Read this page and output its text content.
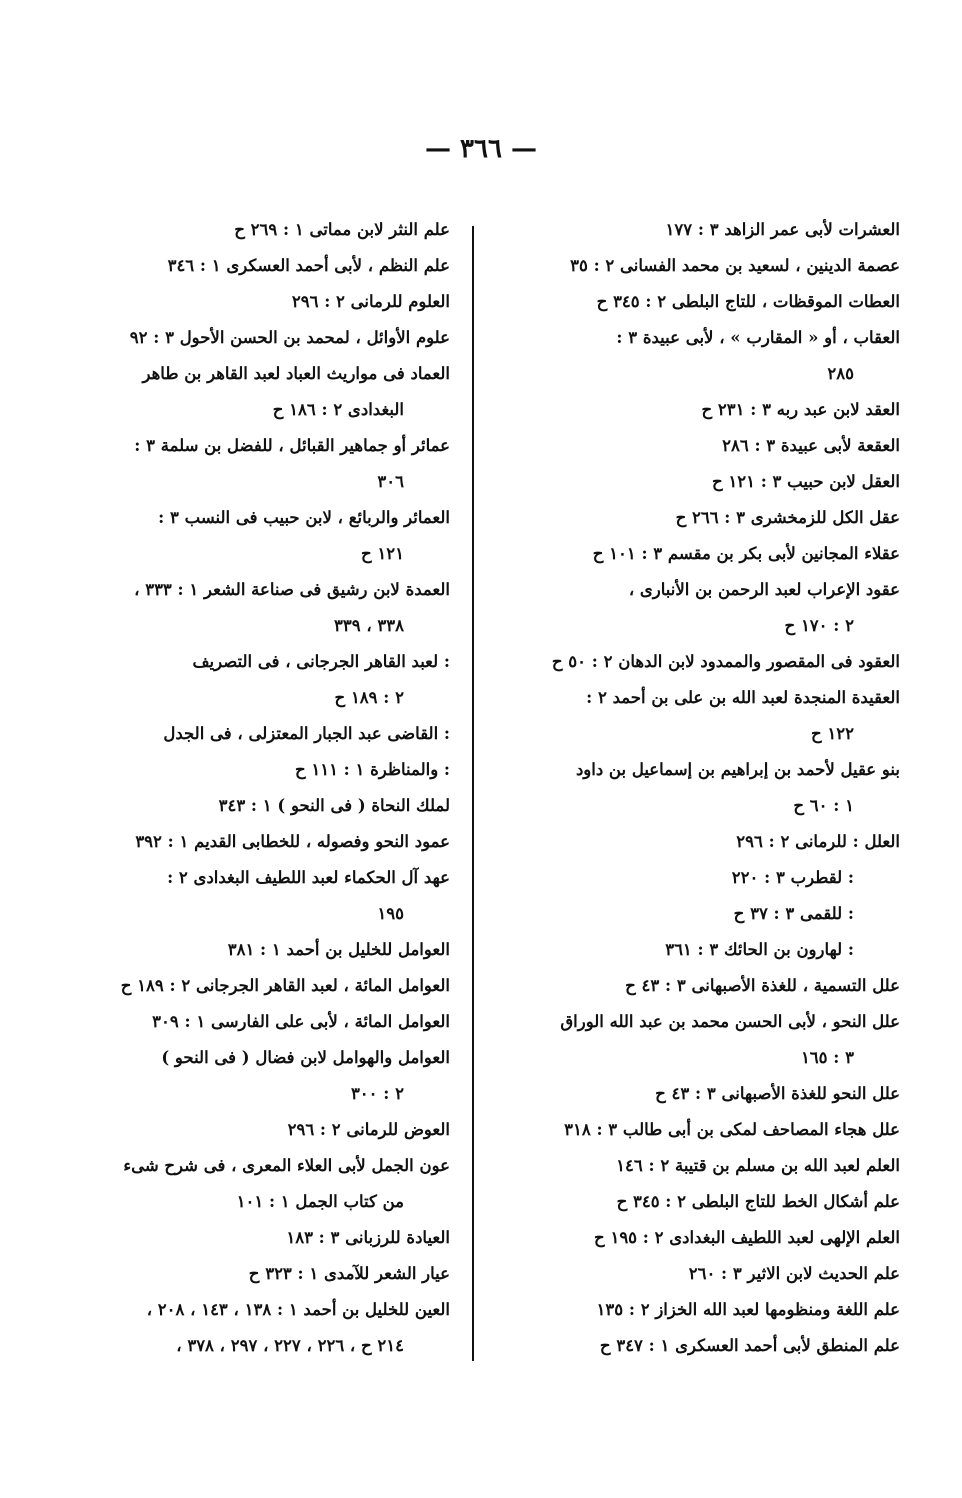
— ٣٦٦ —
العشرات لأبى عمر الزاهد ٣ : ١٧٧
عصمة الدينين ، لسعيد بن محمد الفسانى ٢ : ٣٥
العطات الموقظات ، للتاج البلطى ٢ : ٣٤٥ ح
العقاب ، أو « المقارب » ، لأبى عبيدة ٣ :
٢٨٥
العقد لابن عبد ربه ٣ : ٢٣١ ح
العقعة لأبى عبيدة ٣ : ٢٨٦
العقل لابن حبيب ٣ : ١٢١ ح
عقل الكل للزمخشرى ٣ : ٢٦٦ ح
عقلاء المجانين لأبى بكر بن مقسم ٣ : ١٠١ ح
عقود الإعراب لعبد الرحمن بن الأنبارى ،
٢ : ١٧٠ ح
العقود فى المقصور والممدود لابن الدهان ٢ : ٥٠ ح
العقيدة المنجدة لعبد الله بن على بن أحمد ٢ :
١٢٢ ح
بنو عقيل لأحمد بن إبراهيم بن إسماعيل بن داود
١ : ٦٠ ح
العلل : للرمانى ٢ : ٢٩٦
: لقطرب ٣ : ٢٢٠
: للقمى ٣ : ٣٧ ح
: لهارون بن الحائك ٣ : ٣٦١
علل التسمية ، للغذة الأصبهانى ٣ : ٤٣ ح
علل النحو ، لأبى الحسن محمد بن عبد الله الوراق
٣ : ١٦٥
علل النحو للغذة الأصبهانى ٣ : ٤٣ ح
علل هجاء المصاحف لمكى بن أبى طالب ٣ : ٣١٨
العلم لعبد الله بن مسلم بن قتيبة ٢ : ١٤٦
علم أشكال الخط للتاج البلطى ٢ : ٣٤٥ ح
العلم الإلهى لعبد اللطيف البغدادى ٢ : ١٩٥ ح
علم الحديث لابن الاثير ٣ : ٢٦٠
علم اللغة ومنظومها لعبد الله الخزاز ٢ : ١٣٥
علم المنطق لأبى أحمد العسكرى ١ : ٣٤٧ ح
علم النثر لابن مماتى ١ : ٢٦٩ ح
علم النظم ، لأبى أحمد العسكرى ١ : ٣٤٦
العلوم للرمانى ٢ : ٢٩٦
علوم الأوائل ، لمحمد بن الحسن الأحول ٣ : ٩٢
العماد فى مواريث العباد لعبد القاهر بن طاهر
البغدادى ٢ : ١٨٦ ح
عمائر أو جماهير القبائل ، للفضل بن سلمة ٣ :
٣٠٦
العمائر والربائع ، لابن حبيب فى النسب ٣ :
١٢١ ح
العمدة لابن رشيق فى صناعة الشعر ١ : ٣٣٣ ،
٣٣٨ ، ٣٣٩
: لعبد القاهر الجرجانى ، فى التصريف
٢ : ١٨٩ ح
: القاضى عبد الجبار المعتزلى ، فى الجدل
: والمناظرة ١ : ١١١ ح
لملك النحاة ( فى النحو ) ١ : ٣٤٣
عمود النحو وفصوله ، للخطابى القديم ١ : ٣٩٢
عهد آل الحكماء لعبد اللطيف البغدادى ٢ :
١٩٥
العوامل للخليل بن أحمد ١ : ٣٨١
العوامل المائة ، لعبد القاهر الجرجانى ٢ : ١٨٩ ح
العوامل المائة ، لأبى على الفارسى ١ : ٣٠٩
العوامل والهوامل لابن فضال ( فى النحو )
٢ : ٣٠٠
العوض للرمانى ٢ : ٢٩٦
عون الجمل لأبى العلاء المعرى ، فى شرح شىء
من كتاب الجمل ١ : ١٠١
العيادة للرزبانى ٣ : ١٨٣
عيار الشعر للآمدى ١ : ٣٢٣ ح
العين للخليل بن أحمد ١ : ١٣٨ ، ١٤٣ ، ٢٠٨ ،
٢١٤ ح ، ٢٢٦ ، ٢٢٧ ، ٢٩٧ ، ٣٧٨ ،
